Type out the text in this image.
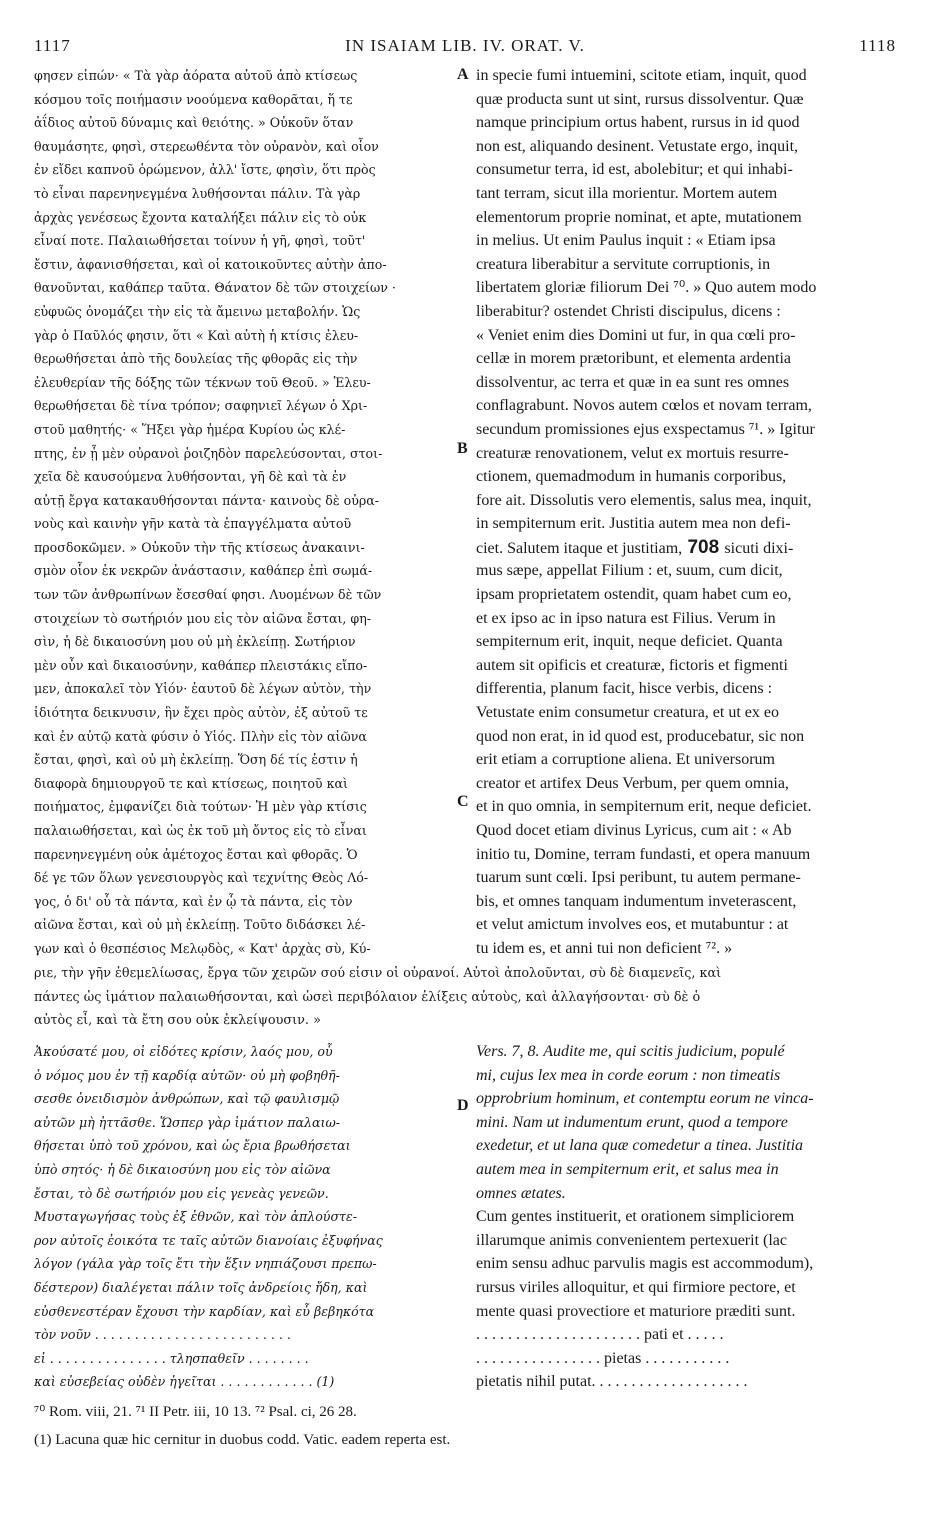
1117	IN ISAIAM LIB. IV. ORAT. V.	1118
A
B
C
D
φησεν εἰπών· « Τὰ γὰρ ἀόρατα αὐτοῦ ἀπὸ κτίσεως
κόσμου τοῖς ποιήμασιν νοούμενα καθορᾶται, ἥ τε
ἀΐδιος αὐτοῦ δύναμις καὶ θειότης. » Οὐκοῦν ὅταν
θαυμάσητε, φησὶ, στερεωθέντα τὸν οὐρανὸν, καὶ οἷον
ἐν εἴδει καπνοῦ ὁρώμενον, ἀλλ' ἴστε, φησὶν, ὅτι πρὸς
τὸ εἶναι παρενηνεγμένα λυθήσονται πάλιν. Τὰ γὰρ
ἀρχὰς γενέσεως ἔχοντα καταλήξει πάλιν εἰς τὸ οὐκ
εἶναί ποτε. Παλαιωθήσεται τοίνυν ἡ γῆ, φησὶ, τοῦτ'
ἔστιν, ἀφανισθήσεται, καὶ οἱ κατοικοῦντες αὐτὴν ἀπο-
θανοῦνται, καθάπερ ταῦτα. Θάνατον δὲ τῶν στοιχείων ·
εὐφυῶς ὀνομάζει τὴν εἰς τὰ ἄμεινω μεταβολήν. Ὡς
γὰρ ὁ Παῦλός φησιν, ὅτι « Καὶ αὐτὴ ἡ κτίσις ἐλευ-
θερωθήσεται ἀπὸ τῆς δουλείας τῆς φθορᾶς εἰς τὴν
ἐλευθερίαν τῆς δόξης τῶν τέκνων τοῦ Θεοῦ. » Ἐλευ-
θερωθήσεται δὲ τίνα τρόπον; σαφηνιεῖ λέγων ὁ Χρι-
στοῦ μαθητής· « Ἥξει γὰρ ἡμέρα Κυρίου ὡς κλέ-
πτης, ἐν ᾗ μὲν οὐρανοὶ ῥοιζηδὸν παρελεύσονται, στοι-
χεῖα δὲ καυσούμενα λυθήσονται, γῆ δὲ καὶ τὰ ἐν
αὐτῇ ἔργα κατακαυθήσονται πάντα· καινοὺς δὲ οὐρα-
νοὺς καὶ καινὴν γῆν κατὰ τὰ ἐπαγγέλματα αὐτοῦ
προσδοκῶμεν. » Οὐκοῦν τὴν τῆς κτίσεως ἀνακαινι-
σμὸν οἷον ἐκ νεκρῶν ἀνάστασιν, καθάπερ ἐπὶ σωμά-
των τῶν ἀνθρωπίνων ἔσεσθαί φησι. Λυομένων δὲ τῶν
στοιχείων τὸ σωτήριόν μου εἰς τὸν αἰῶνα ἔσται, φη-
σὶν, ἡ δὲ δικαιοσύνη μου οὐ μὴ ἐκλείπῃ. Σωτήριον
μὲν οὖν καὶ δικαιοσύνην, καθάπερ πλειστάκις εἴπο-
μεν, ἀποκαλεῖ τὸν Υἱόν· ἑαυτοῦ δὲ λέγων αὐτὸν, τὴν
ἰδιότητα δεικνυσιν, ἣν ἔχει πρὸς αὐτὸν, ἐξ αὐτοῦ τε
καὶ ἐν αὐτῷ κατὰ φύσιν ὁ Υἱός. Πλὴν εἰς τὸν αἰῶνα
ἔσται, φησὶ, καὶ οὐ μὴ ἐκλείπῃ. Ὅση δέ τίς ἐστιν ἡ
διαφορὰ δημιουργοῦ τε καὶ κτίσεως, ποιητοῦ καὶ
ποιήματος, ἐμφανίζει διὰ τούτων· Ἡ μὲν γὰρ κτίσις
παλαιωθήσεται, καὶ ὡς ἐκ τοῦ μὴ ὄντος εἰς τὸ εἶναι
παρενηνεγμένη οὐκ ἀμέτοχος ἔσται καὶ φθορᾶς. Ὁ
δέ γε τῶν ὅλων γενεσιουργὸς καὶ τεχνίτης Θεὸς Λό-
γος, ὁ δι' οὗ τὰ πάντα, καὶ ἐν ᾧ τὰ πάντα, εἰς τὸν
αἰῶνα ἔσται, καὶ οὐ μὴ ἐκλείπῃ. Τοῦτο διδάσκει λέ-
γων καὶ ὁ θεσπέσιος Μελῳδὸς, « Κατ' ἀρχὰς σὺ, Κύ-
in specie fumi intuemini, scitote etiam, inquit, quod
quæ producta sunt ut sint, rursus dissolventur. Quæ
namque principium ortus habent, rursus in id quod
non est, aliquando desinent. Vetustate ergo, inquit,
consumetur terra, id est, abolebitur; et qui inhabi-
tant terram, sicut illa morientur. Mortem autem
elementorum proprie nominat, et apte, mutationem
in melius. Ut enim Paulus inquit : « Etiam ipsa
creatura liberabitur a servitute corruptionis, in
libertatem gloriæ filiorum Dei ⁷⁰. » Quo autem modo
liberabitur? ostendet Christi discipulus, dicens :
« Veniet enim dies Domini ut fur, in qua cœli pro-
cellæ in morem prætoribunt, et elementa ardentia
dissolventur, ac terra et quæ in ea sunt res omnes
conflagrabunt. Novos autem cœlos et novam terram,
secundum promissiones ejus exspectamus ⁷¹. » Igitur
creaturæ renovationem, velut ex mortuis resurre-
ctionem, quemadmodum in humanis corporibus,
fore ait. Dissolutis vero elementis, salus mea, inquit,
in sempiternum erit. Justitia autem mea non defi-
ciet. Salutem itaque et justitiam, 708 sicuti dixi-
mus sæpe, appellat Filium : et, suum, cum dicit,
ipsam proprietatem ostendit, quam habet cum eo,
et ex ipso ac in ipso natura est Filius. Verum in
sempiternum erit, inquit, neque deficiet. Quanta
autem sit opificis et creaturæ, fictoris et figmenti
differentia, planum facit, hisce verbis, dicens :
Vetustate enim consumetur creatura, et ut ex eo
quod non erat, in id quod est, producebatur, sic non
erit etiam a corruptione aliena. Et universorum
creator et artifex Deus Verbum, per quem omnia,
et in quo omnia, in sempiternum erit, neque deficiet.
Quod docet etiam divinus Lyricus, cum ait : « Ab
initio tu, Domine, terram fundasti, et opera manuum
tuarum sunt cœli. Ipsi peribunt, tu autem permane-
bis, et omnes tanquam indumentum inveterascent,
et velut amictum involves eos, et mutabuntur : at
tu idem es, et anni tui non deficient ⁷². »
ριε, τὴν γῆν ἐθεμελίωσας, ἔργα τῶν χειρῶν σού εἰσιν οἱ οὐρανοί. Αὐτοὶ ἀπολοῦνται, σὺ δὲ διαμενεῖς, καὶ
πάντες ὡς ἱμάτιον παλαιωθήσονται, καὶ ὡσεὶ περιβόλαιον ἑλίξεις αὐτοὺς, καὶ ἀλλαγήσονται· σὺ δὲ ὁ
αὐτὸς εἶ, καὶ τὰ ἔτη σου οὐκ ἐκλείψουσιν. »
Ἀκούσατέ μου, οἱ εἰδότες κρίσιν, λαός μου, οὗ
ὁ νόμος μου ἐν τῇ καρδίᾳ αὐτῶν· οὐ μὴ φοβηθῆ-
σεσθε ὀνειδισμὸν ἀνθρώπων, καὶ τῷ φαυλισμῷ
αὐτῶν μὴ ἡττᾶσθε. Ὥσπερ γὰρ ἱμάτιον παλαιω-
θήσεται ὑπὸ τοῦ χρόνου, καὶ ὡς ἔρια βρωθήσεται
ὑπὸ σητός· ἡ δὲ δικαιοσύνη μου εἰς τὸν αἰῶνα
ἔσται, τὸ δὲ σωτήριόν μου εἰς γενεὰς γενεῶν.
Μυσταγωγήσας τοὺς ἐξ ἐθνῶν, καὶ τὸν ἁπλούστε-
ρον αὐτοῖς ἐοικότα τε ταῖς αὐτῶν διανοίαις ἐξυφήνας
λόγον (γάλα γὰρ τοῖς ἔτι τὴν ἕξιν νηπιάζουσι πρεπω-
δέστερον) διαλέγεται πάλιν τοῖς ἀνδρείοις ἤδη, καὶ
εὐσθενεστέραν ἔχουσι τὴν καρδίαν, καὶ εὖ βεβηκότα
τὸν νοῦν . . . . . . . . . . . . . . . . . . . . . . . . .
εἰ . . . . . . . . . . . . . . . τλησπαθεῖν . . . . . . . .
καὶ εὐσεβείας οὐδὲν ἡγεῖται . . . . . . . . . . . . (1)
Vers. 7, 8. Audite me, qui scitis judicium, populé
mi, cujus lex mea in corde eorum : non timeatis
opprobrium hominum, et contemptu eorum ne vinca-
mini. Nam ut indumentum erunt, quod a tempore
exedetur, et ut lana quæ comedetur a tinea. Justitia
autem mea in sempiternum erit, et salus mea in
omnes ætates.
Cum gentes instituerit, et orationem simpliciorem
illarumque animis convenientem pertexuerit (lac
enim sensu adhuc parvulis magis est accommodum),
rursus viriles alloquitur, et qui firmiore pectore, et
mente quasi provectiore et maturiore præditi sunt.
. . . . . . . . . . . . . . . . . . . . . pati et . . . . .
. . . . . . . . . . . . . . . . pietas . . . . . . . . . . .
pietatis nihil putat. . . . . . . . . . . . . . . . . . . .
⁷⁰ Rom. viii, 21. ⁷¹ II Petr. iii, 10 13. ⁷² Psal. ci, 26 28.
(1) Lacuna quæ hic cernitur in duobus codd. Vatic. eadem reperta est.
